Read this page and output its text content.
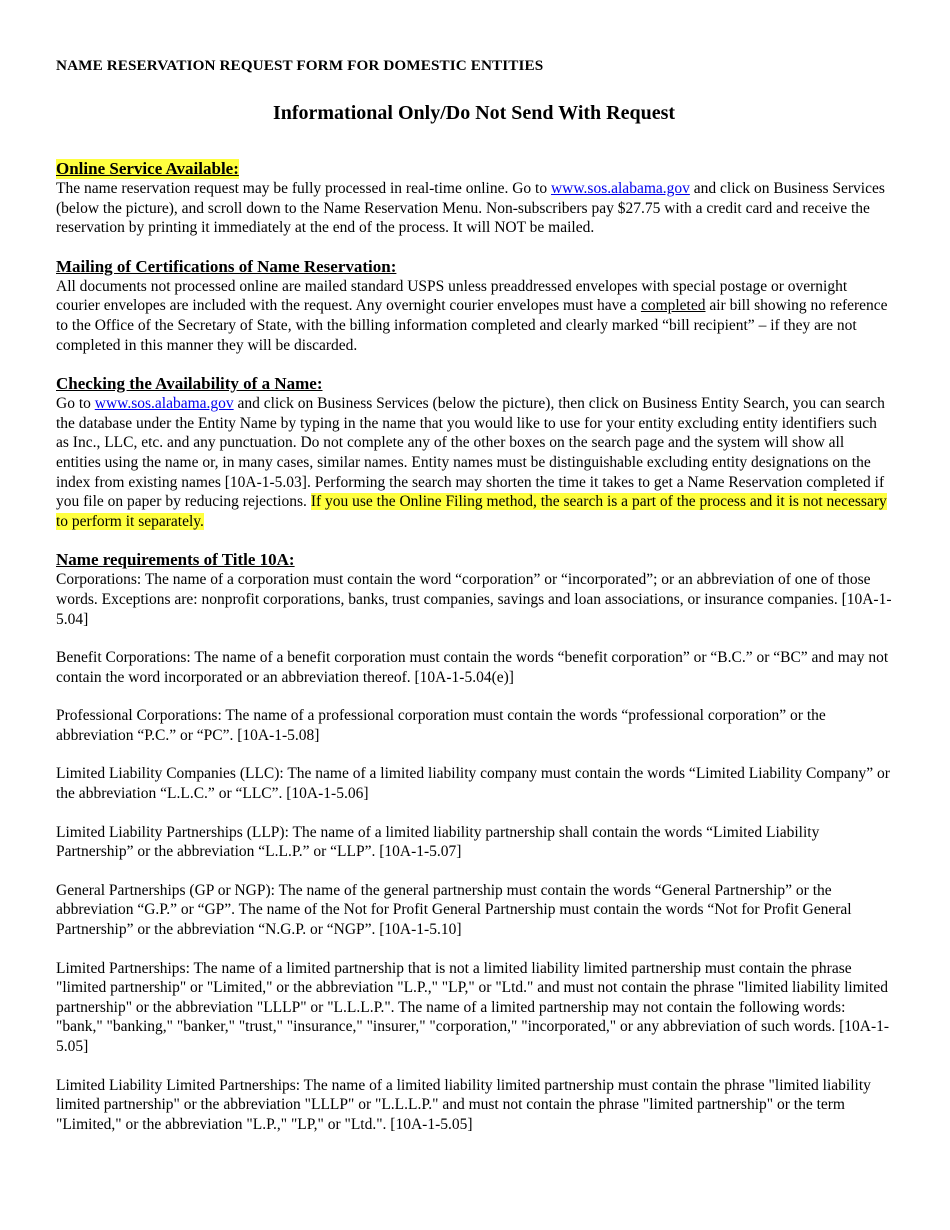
NAME RESERVATION REQUEST FORM FOR DOMESTIC ENTITIES

Informational Only/Do Not Send With Request

Online Service Available:

The name reservation request may be fully processed in real-time online. Go to www.sos.alabama.gov and click on Business Services (below the picture), and scroll down to the Name Reservation Menu. Non-subscribers pay $27.75 with a credit card and receive the reservation by printing it immediately at the end of the process. It will NOT be mailed.

Mailing of Certifications of Name Reservation:

All documents not processed online are mailed standard USPS unless preaddressed envelopes with special postage or overnight courier envelopes are included with the request. Any overnight courier envelopes must have a completed air bill showing no reference to the Office of the Secretary of State, with the billing information completed and clearly marked “bill recipient” – if they are not completed in this manner they will be discarded.

Checking the Availability of a Name:

Go to www.sos.alabama.gov and click on Business Services (below the picture), then click on Business Entity Search, you can search the database under the Entity Name by typing in the name that you would like to use for your entity excluding entity identifiers such as Inc., LLC, etc. and any punctuation. Do not complete any of the other boxes on the search page and the system will show all entities using the name or, in many cases, similar names. Entity names must be distinguishable excluding entity designations on the index from existing names [10A-1-5.03]. Performing the search may shorten the time it takes to get a Name Reservation completed if you file on paper by reducing rejections. If you use the Online Filing method, the search is a part of the process and it is not necessary to perform it separately.

Name requirements of Title 10A:

Corporations: The name of a corporation must contain the word “corporation” or “incorporated”; or an abbreviation of one of those words. Exceptions are: nonprofit corporations, banks, trust companies, savings and loan associations, or insurance companies. [10A-1-5.04]

Benefit Corporations: The name of a benefit corporation must contain the words “benefit corporation” or “B.C.” or “BC” and may not contain the word incorporated or an abbreviation thereof. [10A-1-5.04(e)]

Professional Corporations: The name of a professional corporation must contain the words “professional corporation” or the abbreviation “P.C.” or “PC”. [10A-1-5.08]

Limited Liability Companies (LLC): The name of a limited liability company must contain the words “Limited Liability Company” or the abbreviation “L.L.C.” or “LLC”. [10A-1-5.06]

Limited Liability Partnerships (LLP): The name of a limited liability partnership shall contain the words “Limited Liability Partnership” or the abbreviation “L.L.P.” or “LLP”. [10A-1-5.07]

General Partnerships (GP or NGP): The name of the general partnership must contain the words “General Partnership” or the abbreviation “G.P.” or “GP”. The name of the Not for Profit General Partnership must contain the words “Not for Profit General Partnership” or the abbreviation “N.G.P. or “NGP”. [10A-1-5.10]

Limited Partnerships: The name of a limited partnership that is not a limited liability limited partnership must contain the phrase "limited partnership" or "Limited," or the abbreviation "L.P.," "LP," or "Ltd." and must not contain the phrase "limited liability limited partnership" or the abbreviation "LLLP" or "L.L.L.P.". The name of a limited partnership may not contain the following words: "bank," "banking," "banker," "trust," "insurance," "insurer," "corporation," "incorporated," or any abbreviation of such words. [10A-1-5.05]

Limited Liability Limited Partnerships: The name of a limited liability limited partnership must contain the phrase "limited liability limited partnership" or the abbreviation "LLLP" or "L.L.L.P." and must not contain the phrase "limited partnership" or the term "Limited," or the abbreviation "L.P.," "LP," or "Ltd.". [10A-1-5.05]
